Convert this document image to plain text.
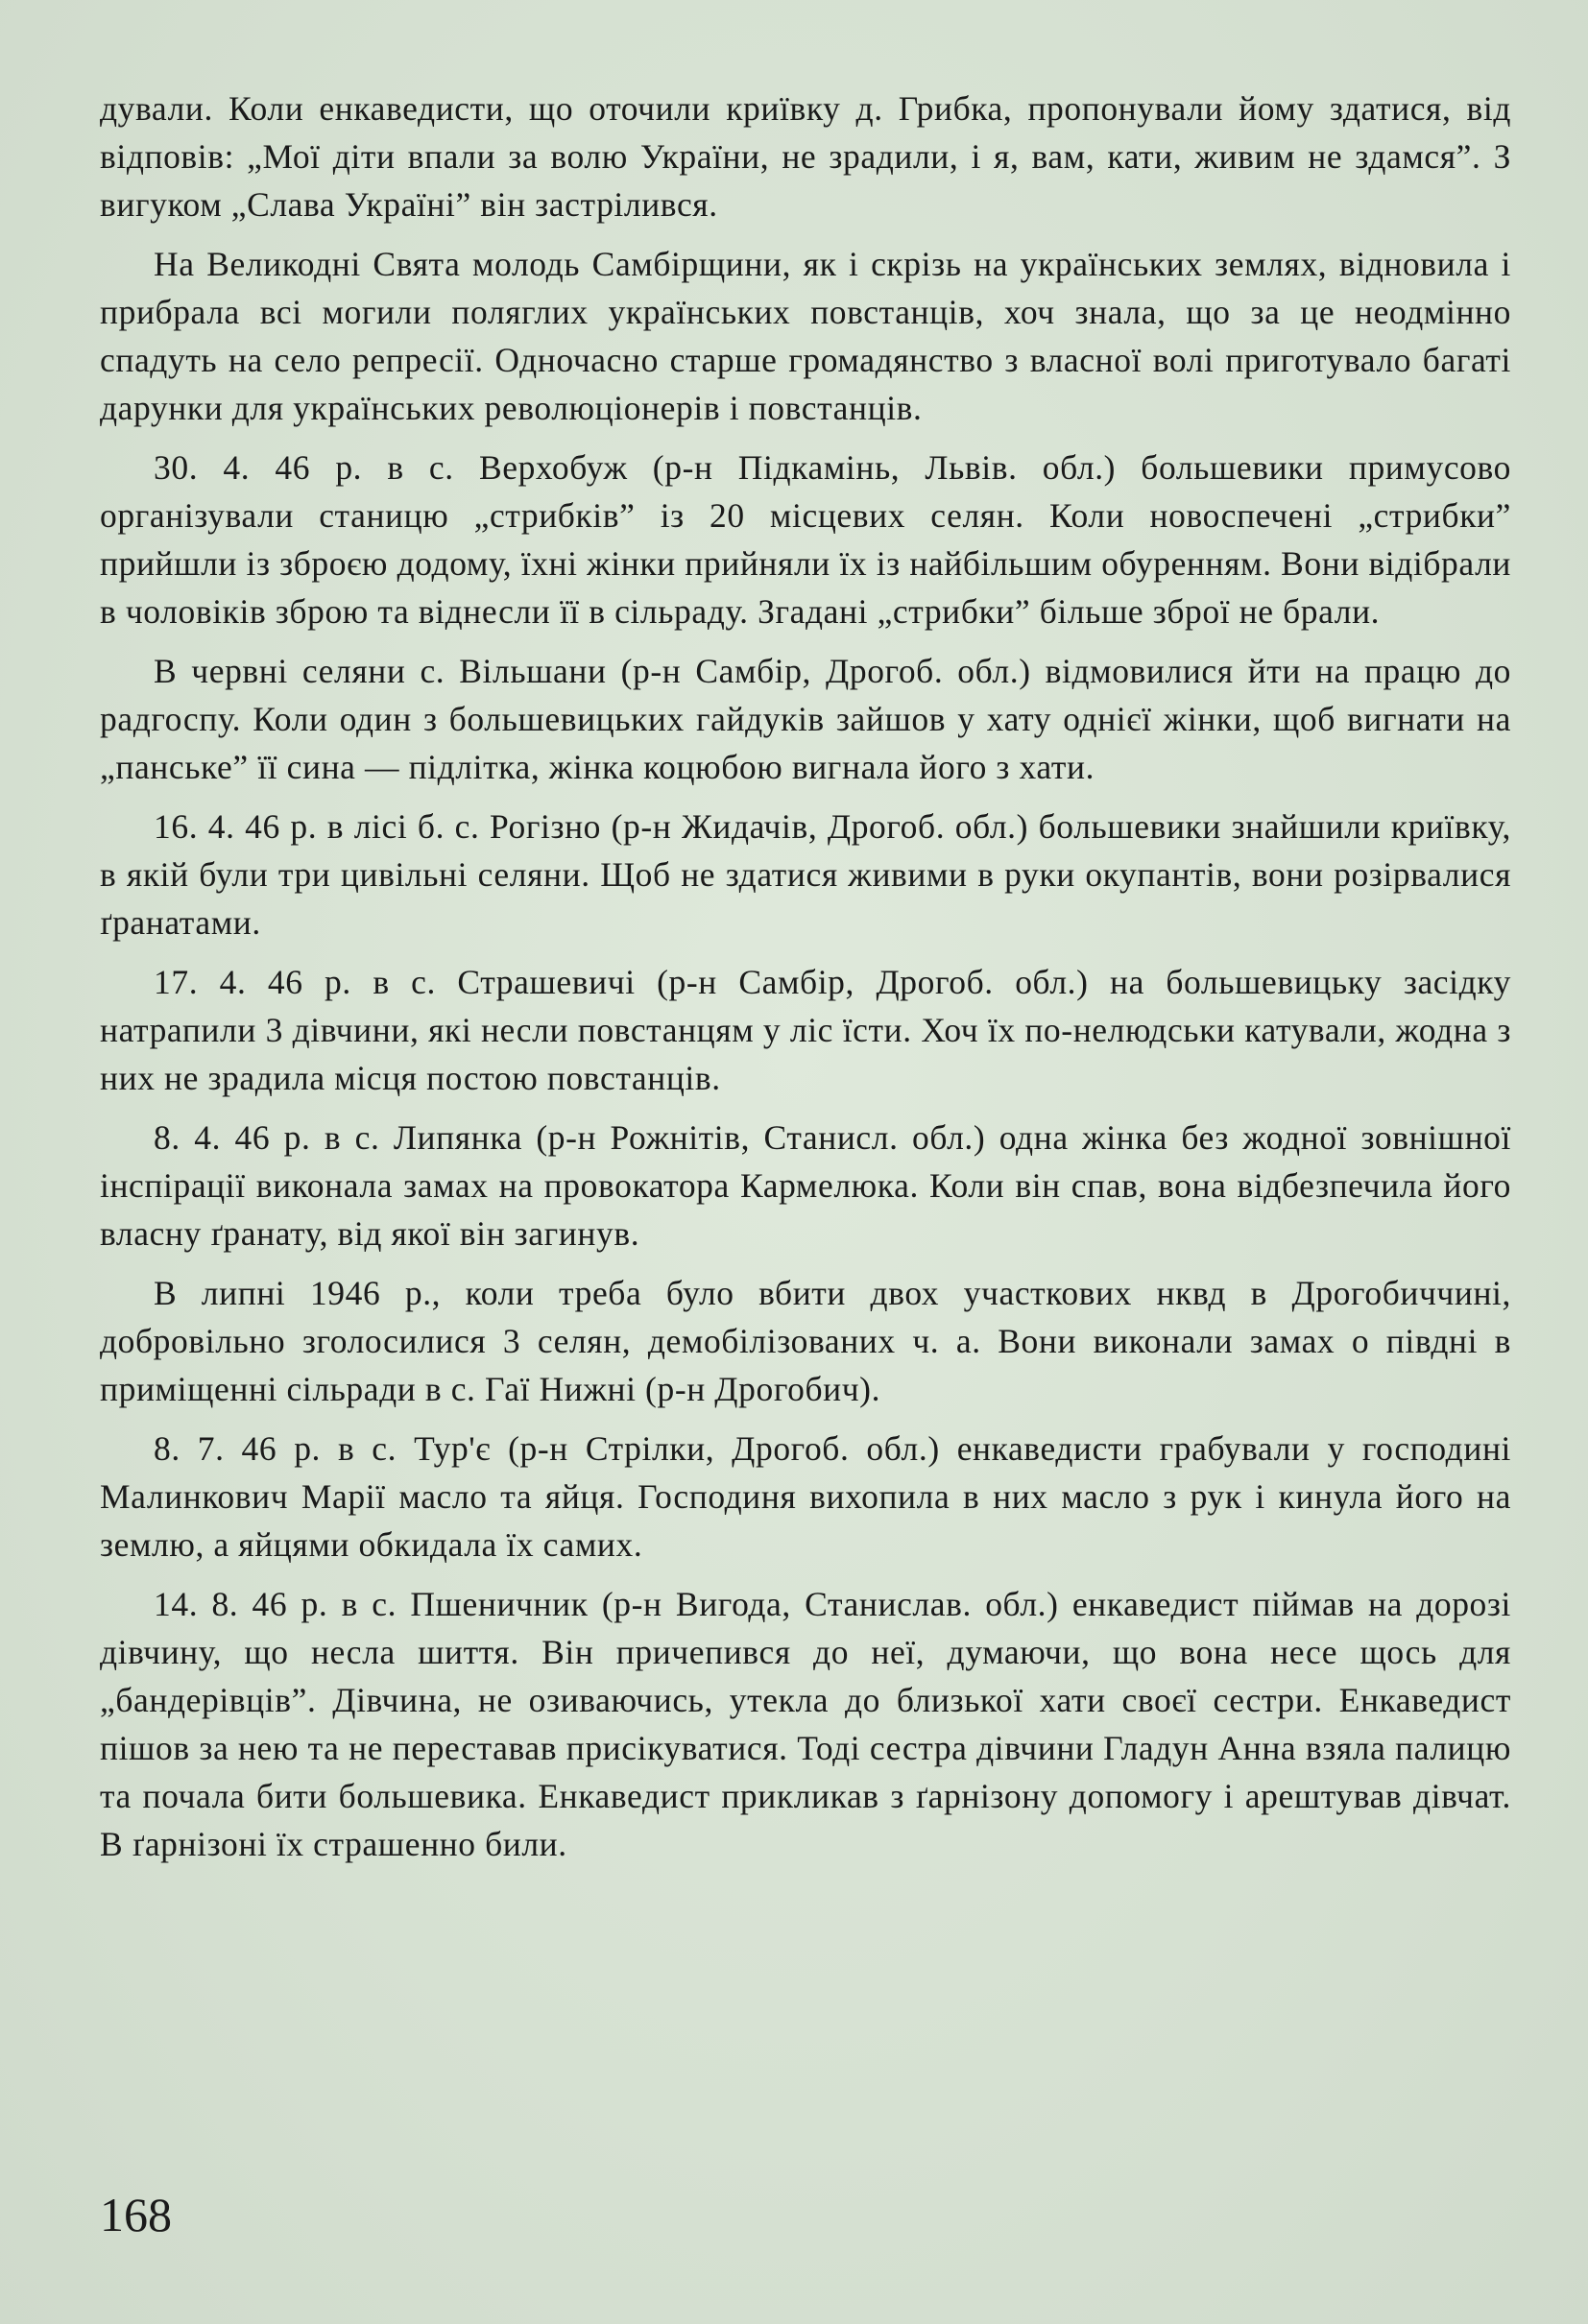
дували. Коли енкаведисти, що оточили криївку д. Грибка, пропонували йому здатися, від відповів: „Мої діти впали за волю України, не зрадили, і я, вам, кати, живим не здамся”. З вигуком „Слава Україні” він застрілився.

На Великодні Свята молодь Самбірщини, як і скрізь на українських землях, відновила і прибрала всі могили поляглих українських повстанців, хоч знала, що за це неодмінно спадуть на село репресії. Одночасно старше громадянство з власної волі приготувало багаті дарунки для українських революціонерів і повстанців.

30. 4. 46 р. в с. Верхобуж (р-н Підкамінь, Львів. обл.) большевики примусово організували станицю „стрибків” із 20 місцевих селян. Коли новоспечені „стрибки” прийшли із зброєю додому, їхні жінки прийняли їх із найбільшим обуренням. Вони відібрали в чоловіків зброю та віднесли її в сільраду. Згадані „стрибки” більше зброї не брали.

В червні селяни с. Вільшани (р-н Самбір, Дрогоб. обл.) відмовилися йти на працю до радгоспу. Коли один з большевицьких гайдуків зайшов у хату однієї жінки, щоб вигнати на „панське” її сина — підлітка, жінка коцюбою вигнала його з хати.

16. 4. 46 р. в лісі б. с. Рогізно (р-н Жидачів, Дрогоб. обл.) большевики знайшили криївку, в якій були три цивільні селяни. Щоб не здатися живими в руки окупантів, вони розірвалися ґранатами.

17. 4. 46 р. в с. Страшевичі (р-н Самбір, Дрогоб. обл.) на большевицьку засідку натрапили 3 дівчини, які несли повстанцям у ліс їсти. Хоч їх по-нелюдськи катували, жодна з них не зрадила місця постою повстанців.

8. 4. 46 р. в с. Липянка (р-н Рожнітів, Станисл. обл.) одна жінка без жодної зовнішної інспірації виконала замах на провокатора Кармелюка. Коли він спав, вона відбезпечила його власну ґранату, від якої він загинув.

В липні 1946 р., коли треба було вбити двох участкових нквд в Дрогобиччині, добровільно зголосилися 3 селян, демобілізованих ч. а. Вони виконали замах о півдні в приміщенні сільради в с. Гаї Нижні (р-н Дрогобич).

8. 7. 46 р. в с. Тур'є (р-н Стрілки, Дрогоб. обл.) енкаведисти грабували у господині Малинкович Марії масло та яйця. Господиня вихопила в них масло з рук і кинула його на землю, а яйцями обкидала їх самих.

14. 8. 46 р. в с. Пшеничник (р-н Вигода, Станислав. обл.) енкаведист піймав на дорозі дівчину, що несла шиття. Він причепився до неї, думаючи, що вона несе щось для „бандерівців”. Дівчина, не озиваючись, утекла до близької хати своєї сестри. Енкаведист пішов за нею та не переставав присікуватися. Тоді сестра дівчини Гладун Анна взяла палицю та почала бити большевика. Енкаведист прикликав з ґарнізону допомогу і арештував дівчат. В ґарнізоні їх страшенно били.

168
